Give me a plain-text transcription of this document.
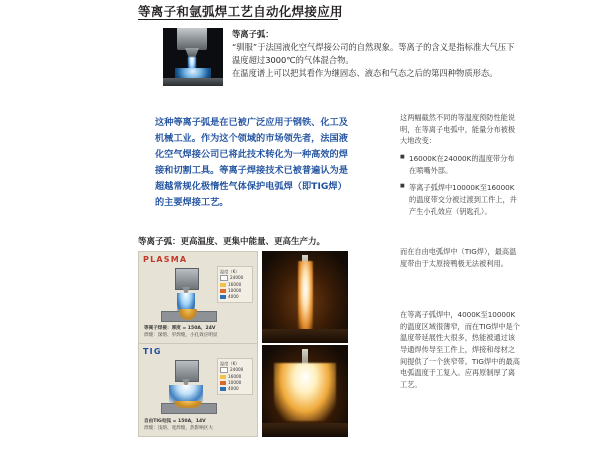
等离子和氩弧焊工艺自动化焊接应用
等离子弧：
“驯服”于法国液化空气焊接公司的自然现象。等离子的含义是指标准大气压下温度超过3000℃的气体混合物。
在温度谱上可以把其看作为继固态、液态和气态之后的第四种物质形态。
这种等离子弧是在已被广泛应用于钢铁、化工及机械工业。作为这个领域的市场领先者，法国液化空气焊接公司已将此技术转化为一种高效的焊接和切割工具。等离子焊接技术已被普遍认为是超越常规化极惰性气体保护电弧焊（即TIG焊）的主要焊接工艺。
这两幅截然不同的等温度预防性能说明，在等离子电弧中，能量分布被极大地改变：
■ 16000K在24000K的温度带分布在喷嘴外部。
■ 等离子弧焊中10000K至16000K的温度带交分被过渡到工件上，并产生小孔效应（钥匙孔）。
而在自由电弧焊中（TIG焊），最高温度带由于太原接鸭极无法被利用。
在等离子弧焊中，4000K至10000K的温度区域很薄窄，而在TIG焊中是个温度带延展性大很多，热能被通过该导通焊传导至工件上，焊接和母材之间提供了一个狭窄带。TIG焊中的最高电弧温度于工复入。应再原制厚了离工艺。
等离子弧：更高温度、更集中能量、更高生产力。
PLASMA
温度（K）
24000
16000
10000
4000
等离子焊接：厚度 = 150A，24V
焊缝：深熔、窄焊缝，小孔效应明显
TIG
温度（K）
24000
16000
10000
4000
自由TIG电弧 = 150A，14V
焊缝：浅熔、宽焊缝，热影响区大
